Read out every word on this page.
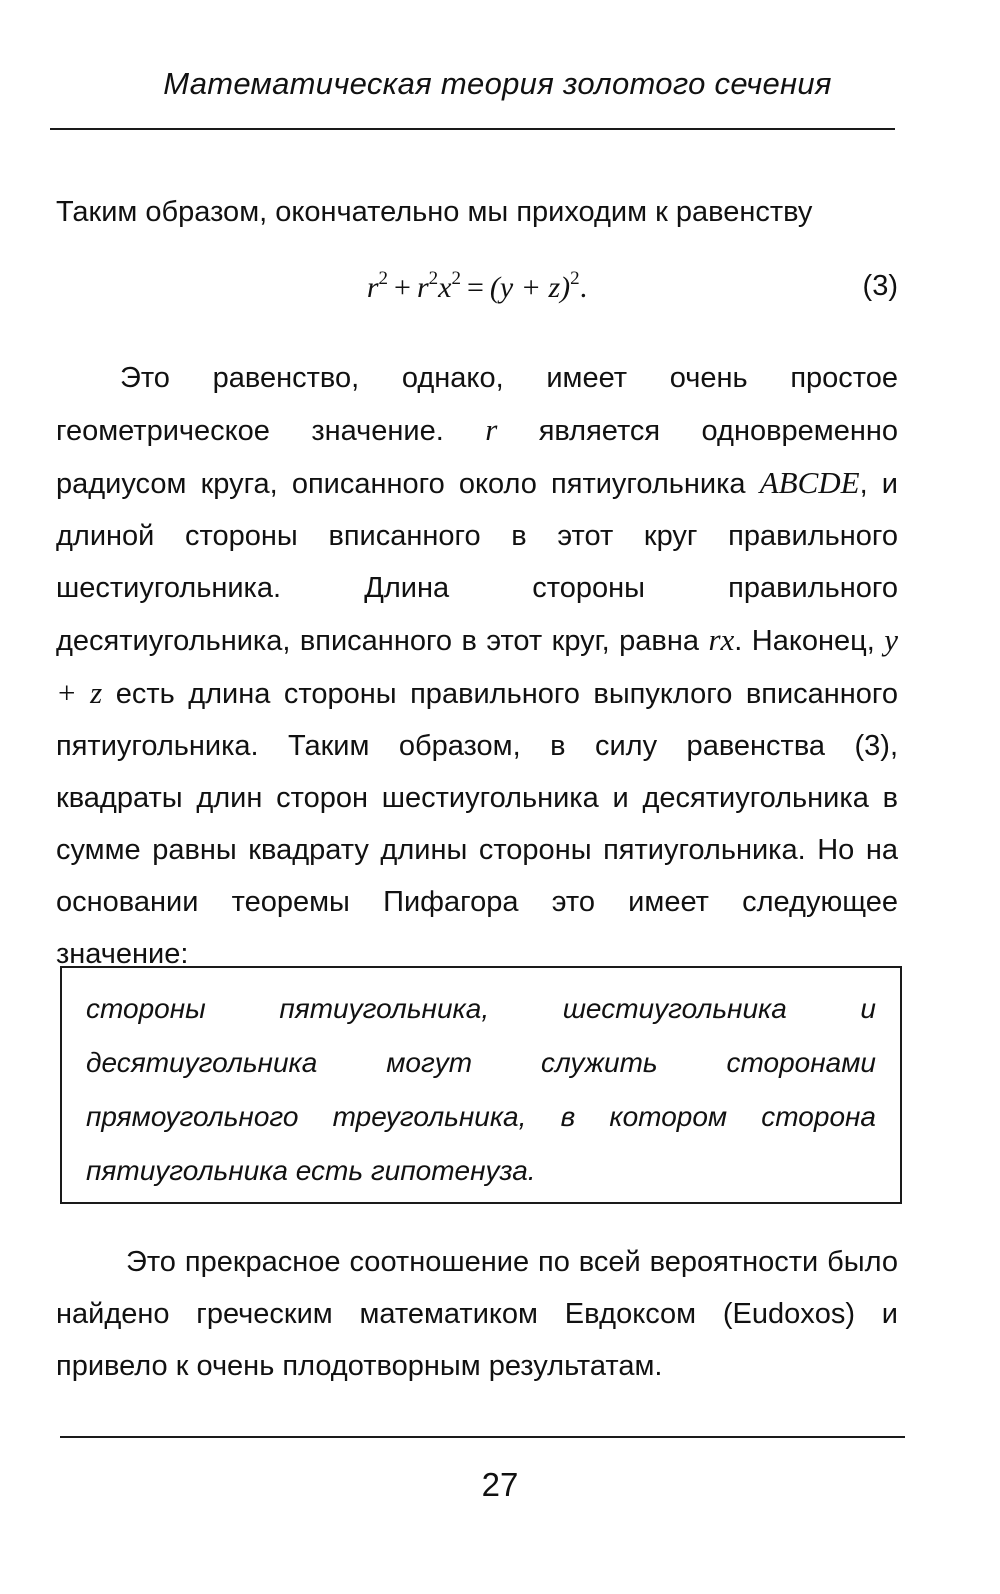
Математическая теория золотого сечения

Таким образом, окончательно мы приходим к равенству

$r^2 + r^2x^2 = (y + z)^2$.	(3)

Это равенство, однако, имеет очень простое геометрическое значение. r является одновременно радиусом круга, описанного около пятиугольника ABCDE, и длиной стороны вписанного в этот круг правильного шестиугольника. Длина стороны правильного десятиугольника, вписанного в этот круг, равна rx. Наконец, y + z есть длина стороны правильного выпуклого вписанного пятиугольника. Таким образом, в силу равенства (3), квадраты длин сторон шестиугольника и десятиугольника в сумме равны квадрату длины стороны пятиугольника. Но на основании теоремы Пифагора это имеет следующее значение:

стороны пятиугольника, шестиугольника и десятиугольника могут служить сторонами прямоугольного треугольника, в котором сторона пятиугольника есть гипотенуза.

Это прекрасное соотношение по всей вероятности было найдено греческим математиком Евдоксом (Eudoxos) и привело к очень плодотворным результатам.

27
